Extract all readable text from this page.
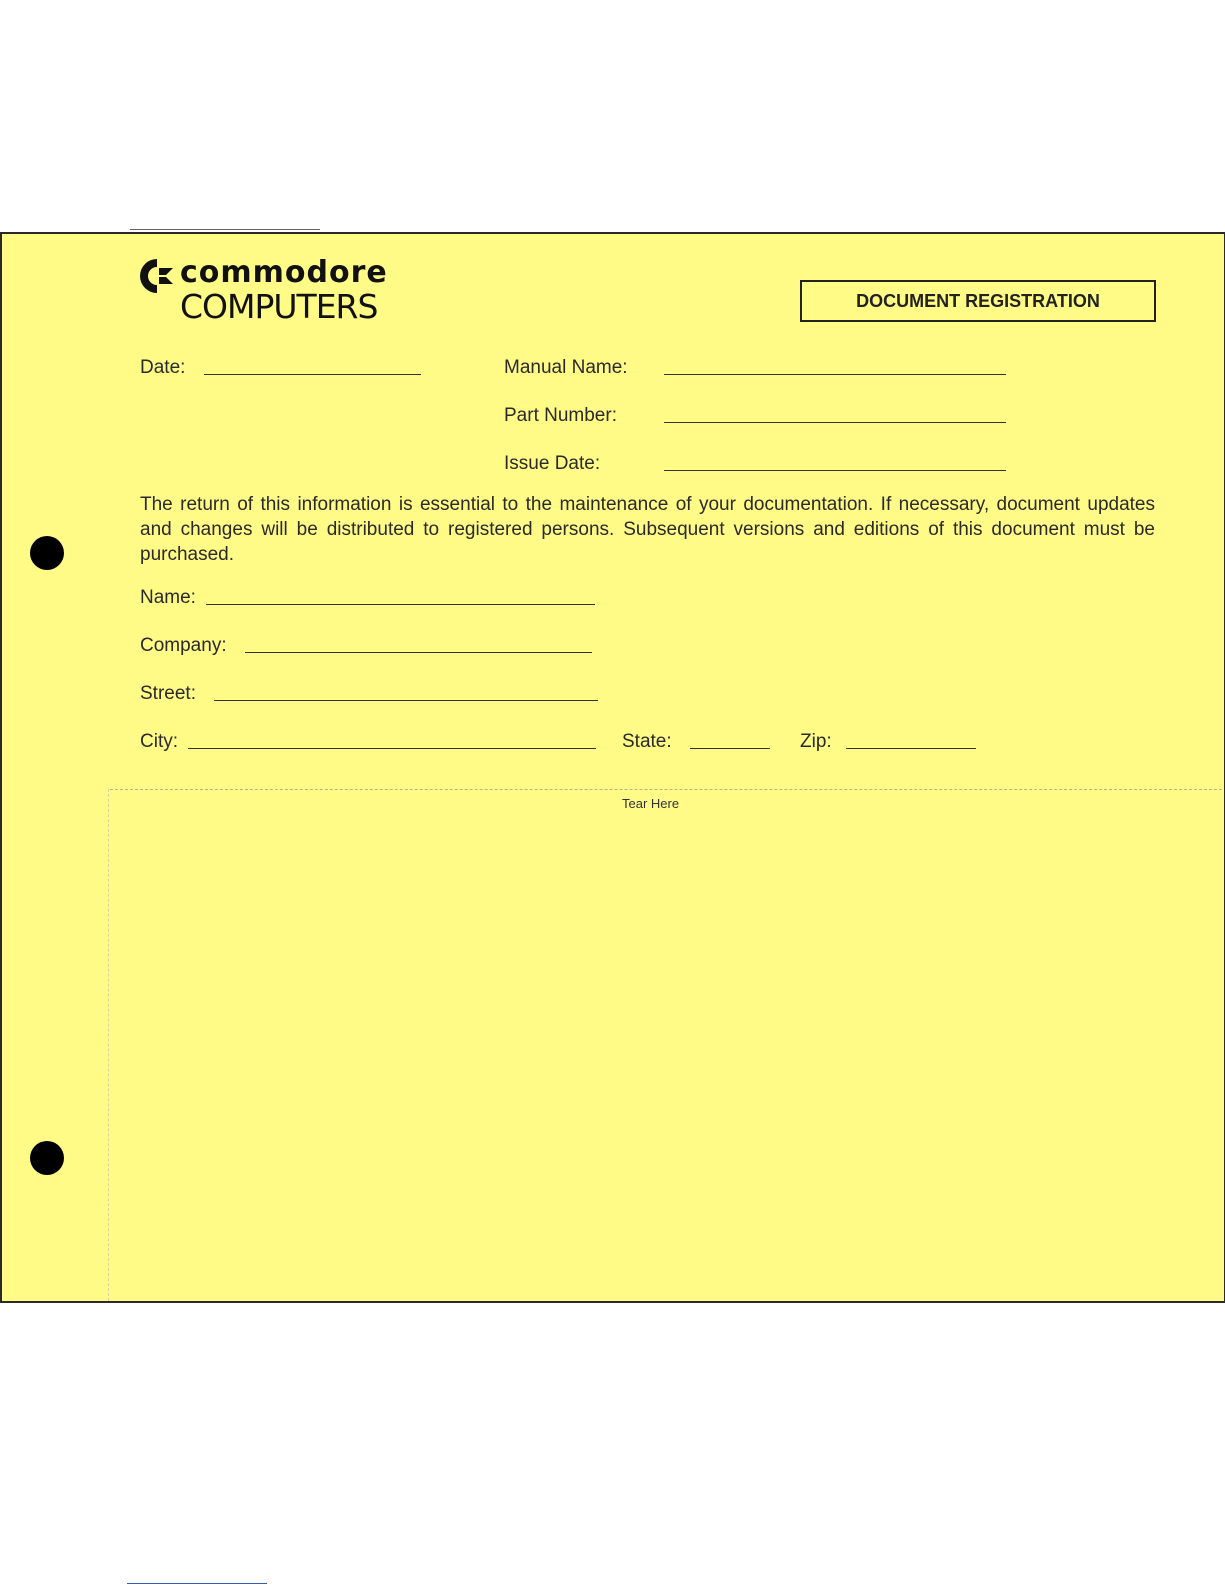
commodore
COMPUTERS	DOCUMENT REGISTRATION
Date:	Manual Name:
Part Number:
Issue Date:
The return of this information is essential to the maintenance of your documentation. If necessary, document updates and changes will be distributed to registered persons. Subsequent versions and editions of this document must be purchased.
Name:
Company:
Street:
City:	State:	Zip:
Tear Here
